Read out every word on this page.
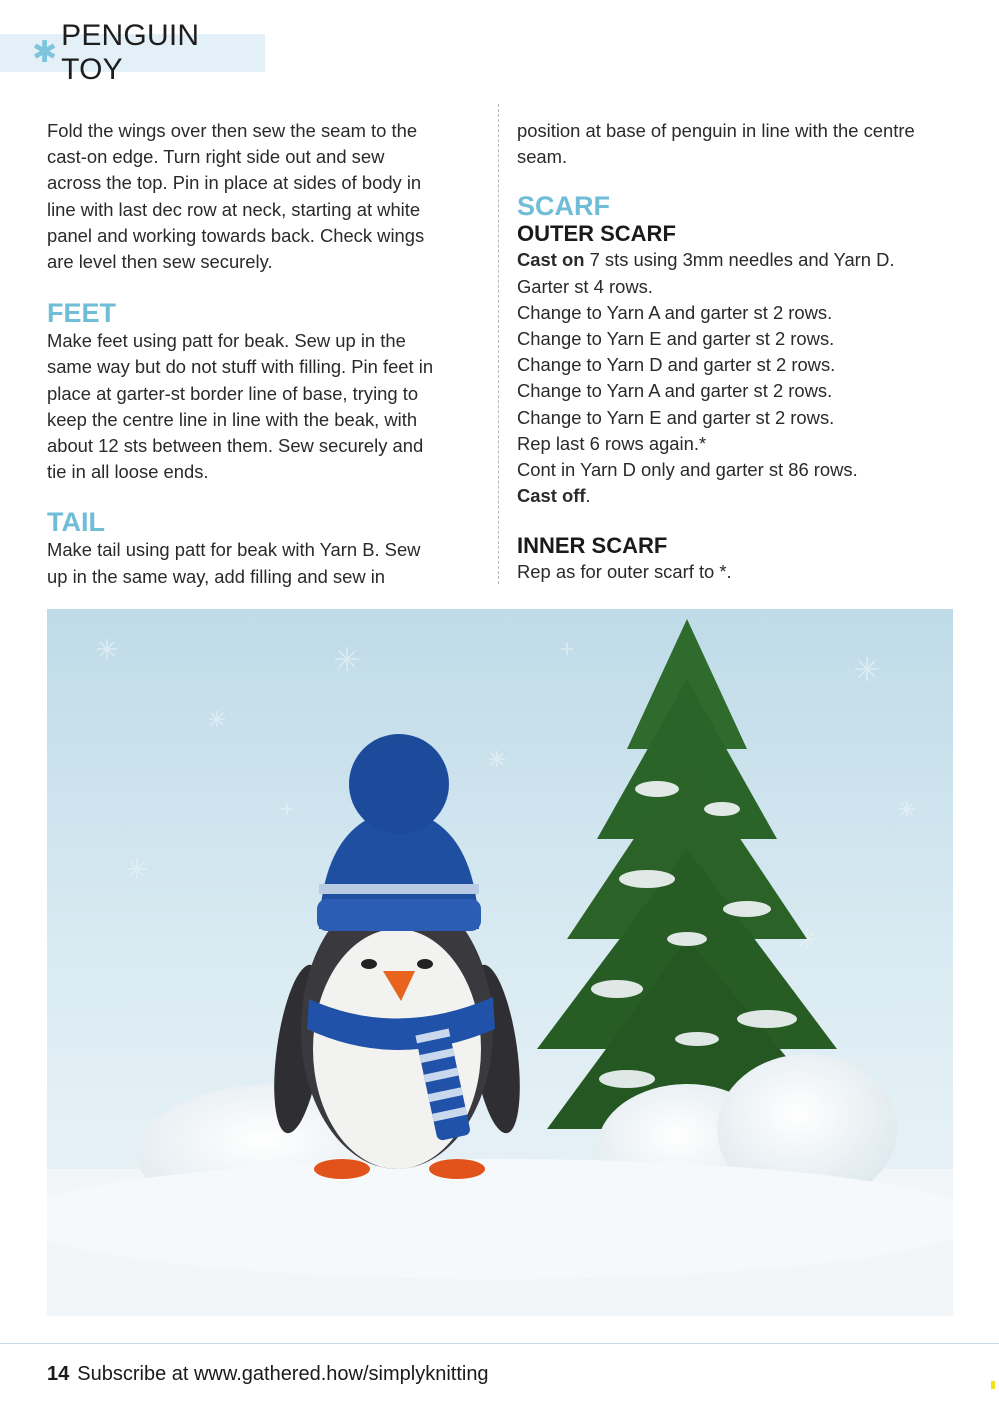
✱
PENGUIN TOY

Fold the wings over then sew the seam to the

cast-on edge. Turn right side out and sew

across the top. Pin in place at sides of body in

line with last dec row at neck, starting at white

panel and working towards back. Check wings

are level then sew securely.

FEET

Make feet using patt for beak. Sew up in the

same way but do not stuff with filling. Pin feet in

place at garter-st border line of base, trying to

keep the centre line in line with the beak, with

about 12 sts between them. Sew securely and

tie in all loose ends.

TAIL

Make tail using patt for beak with Yarn B. Sew

up in the same way, add filling and sew in

position at base of penguin in line with the centre

seam.

SCARF
OUTER SCARF

Cast on 7 sts using 3mm needles and Yarn D.

Garter st 4 rows.

Change to Yarn A and garter st 2 rows.

Change to Yarn E and garter st 2 rows.

Change to Yarn D and garter st 2 rows.

Change to Yarn A and garter st 2 rows.

Change to Yarn E and garter st 2 rows.

Rep last 6 rows again.*

Cont in Yarn D only and garter st 86 rows.

Cast off.

INNER SCARF

Rep as for outer scarf to *.

14 Subscribe at www.gathered.how/simplyknitting
